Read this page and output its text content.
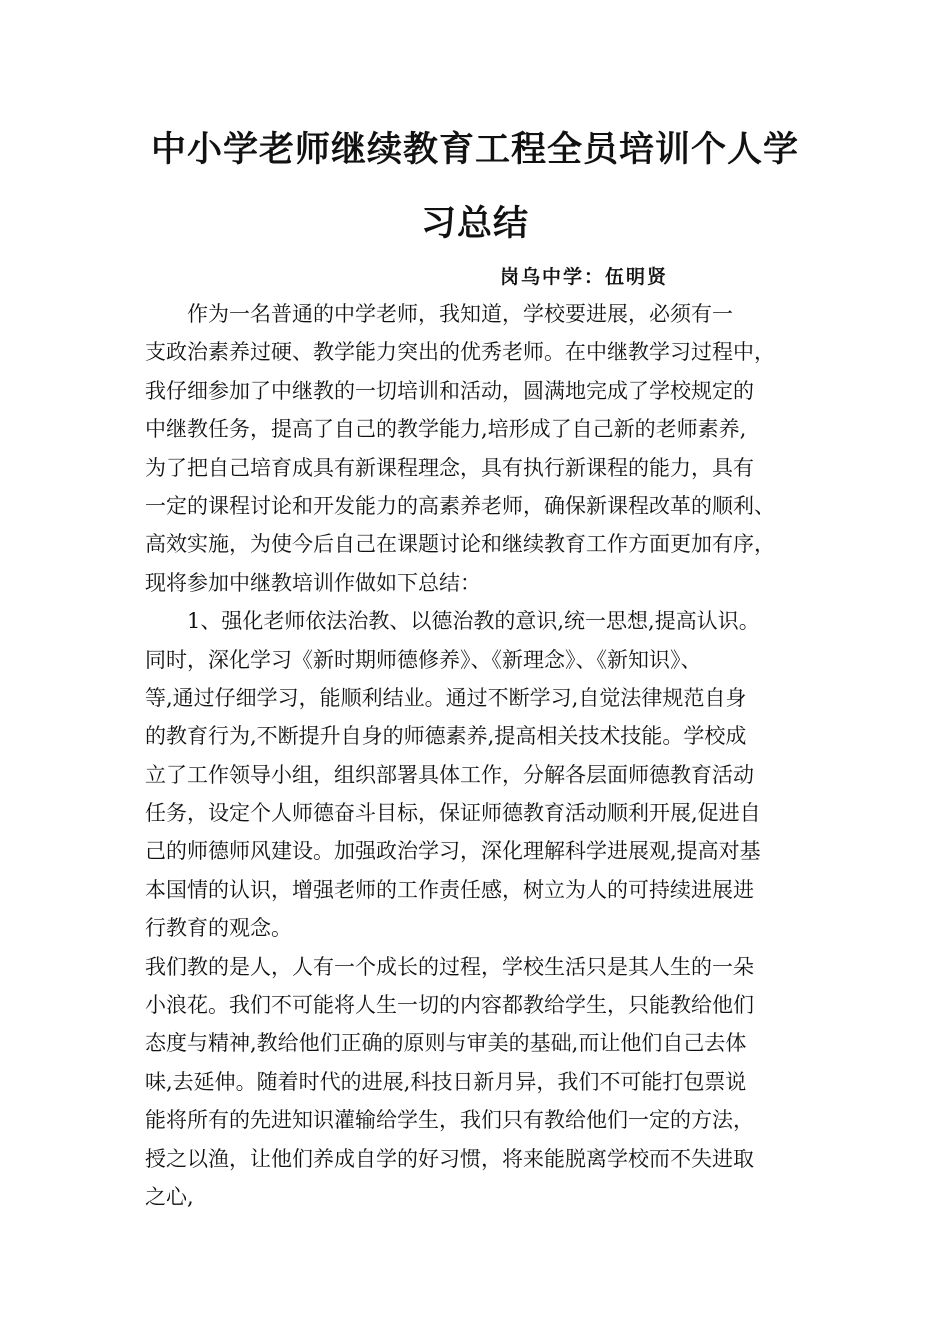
中小学老师继续教育工程全员培训个人学
习总结

岗乌中学：伍明贤

作为一名普通的中学老师，我知道，学校要进展，必须有一

支政治素养过硬、教学能力突出的优秀老师。在中继教学习过程中，

我仔细参加了中继教的一切培训和活动，圆满地完成了学校规定的

中继教任务，提高了自己的教学能力,培形成了自己新的老师素养,

为了把自己培育成具有新课程理念，具有执行新课程的能力，具有

一定的课程讨论和开发能力的高素养老师，确保新课程改革的顺利、

高效实施，为使今后自己在课题讨论和继续教育工作方面更加有序，

现将参加中继教培训作做如下总结：

1、强化老师依法治教、以德治教的意识,统一思想,提高认识。

同时，深化学习《新时期师德修养》、《新理念》、《新知识》、

等,通过仔细学习，能顺利结业。通过不断学习,自觉法律规范自身

的教育行为,不断提升自身的师德素养,提高相关技术技能。学校成

立了工作领导小组，组织部署具体工作，分解各层面师德教育活动

任务，设定个人师德奋斗目标，保证师德教育活动顺利开展,促进自

己的师德师风建设。加强政治学习，深化理解科学进展观,提高对基

本国情的认识，增强老师的工作责任感，树立为人的可持续进展进

行教育的观念。

我们教的是人，人有一个成长的过程，学校生活只是其人生的一朵

小浪花。我们不可能将人生一切的内容都教给学生，只能教给他们

态度与精神,教给他们正确的原则与审美的基础,而让他们自己去体

味,去延伸。随着时代的进展,科技日新月异，我们不可能打包票说

能将所有的先进知识灌输给学生，我们只有教给他们一定的方法，

授之以渔，让他们养成自学的好习惯，将来能脱离学校而不失进取

之心,
